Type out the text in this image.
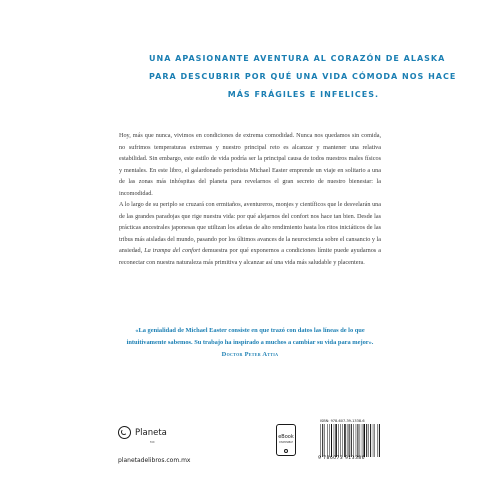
UNA APASIONANTE AVENTURA AL CORAZÓN DE ALASKA
PARA DESCUBRIR POR QUÉ UNA VIDA CÓMODA NOS HACE
MÁS FRÁGILES E INFELICES.

Hoy, más que nunca, vivimos en condiciones de extrema comodidad. Nunca nos quedamos sin comida, no sufrimos temperaturas extremas y nuestro principal reto es alcanzar y mantener una relativa estabilidad. Sin embargo, este estilo de vida podría ser la principal causa de todos nuestros males físicos y mentales. En este libro, el galardonado periodista Michael Easter emprende un viaje en solitario a una de las zonas más inhóspitas del planeta para revelarnos el gran secreto de nuestro bienestar: la incomodidad.

A lo largo de su periplo se cruzará con ermitaños, aventureros, monjes y científicos que le desvelarán una de las grandes paradojas que rige nuestra vida: por qué alejarnos del confort nos hace tan bien. Desde las prácticas ancestrales japonesas que utilizan los atletas de alto rendimiento hasta los ritos iniciáticos de las tribus más aisladas del mundo, pasando por los últimos avances de la neurociencia sobre el cansancio y la ansiedad, La trampa del confort demuestra por qué exponernos a condiciones límite puede ayudarnos a reconectar con nuestra naturaleza más primitiva y alcanzar así una vida más saludable y placentera.

«La genialidad de Michael Easter consiste en que trazó con datos las líneas de lo que intuitivamente sabemos. Su trabajo ha inspirado a muchos a cambiar su vida para mejor». Doctor Peter Attia

Planeta
MX
planetadelibros.com.mx
eBook
DISPONIBLE
ISBN: 978-607-39-1338-6
9 786073 913386
